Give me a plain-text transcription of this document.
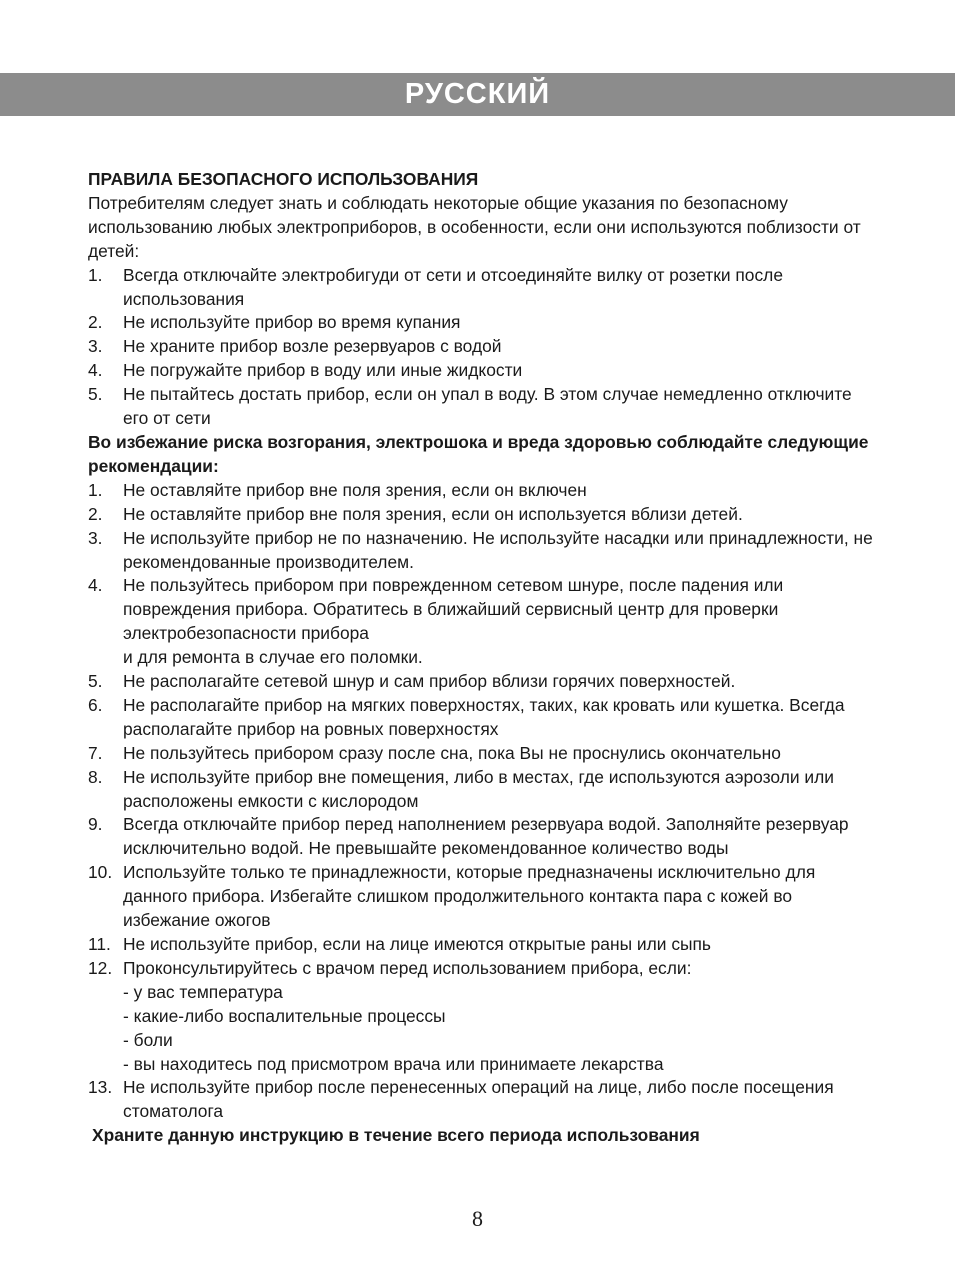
РУССКИЙ
ПРАВИЛА БЕЗОПАСНОГО ИСПОЛЬЗОВАНИЯ
Потребителям следует знать и соблюдать некоторые общие указания по безопасному использованию любых электроприборов, в особенности, если они используются поблизости от детей:
1.	Всегда отключайте электробигуди от сети и отсоединяйте вилку от розетки после использования
2.	Не используйте прибор во время купания
3.	Не храните прибор возле резервуаров с водой
4.	Не погружайте прибор в воду или иные жидкости
5.	Не пытайтесь достать прибор, если он упал в воду. В этом случае немедленно отключите его от сети
Во избежание риска возгорания, электрошока и вреда здоровью соблюдайте следующие рекомендации:
1.	Не оставляйте прибор вне поля зрения, если он включен
2.	Не оставляйте прибор вне поля зрения, если он используется вблизи детей.
3.	Не используйте прибор не по назначению. Не используйте насадки или принадлежности, не рекомендованные производителем.
4.	Не пользуйтесь прибором при поврежденном сетевом шнуре, после падения или повреждения прибора. Обратитесь в ближайший сервисный центр для проверки электробезопасности прибора
и для ремонта в случае его поломки.
5.	Не располагайте сетевой шнур и сам прибор вблизи горячих поверхностей.
6.	Не располагайте прибор на мягких поверхностях, таких, как кровать или кушетка. Всегда располагайте прибор на ровных поверхностях
7.	Не пользуйтесь прибором сразу после сна, пока Вы не проснулись окончательно
8.	Не используйте прибор вне помещения, либо в местах, где используются аэрозоли или расположены емкости с кислородом
9.	Всегда отключайте прибор перед наполнением резервуара водой. Заполняйте резервуар исключительно водой. Не превышайте рекомендованное количество воды
10. Используйте только те принадлежности, которые предназначены исключительно для данного прибора. Избегайте слишком продолжительного контакта пара с кожей во избежание ожогов
11. Не используйте прибор, если на лице имеются открытые раны или сыпь
12. Проконсультируйтесь с врачом перед использованием прибора, если:
- у вас температура
- какие-либо воспалительные процессы
- боли
- вы находитесь под присмотром врача или принимаете лекарства
13. Не используйте прибор после перенесенных операций на лице, либо после посещения стоматолога
Храните данную инструкцию в течение всего периода использования
8
